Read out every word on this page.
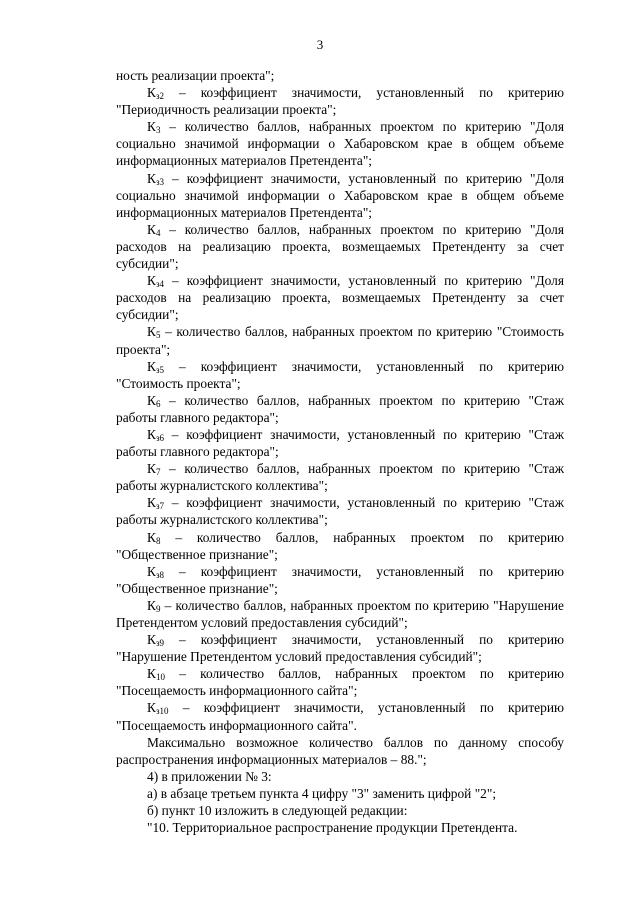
3

ность реализации проекта";

$К_{з2}$ – коэффициент значимости, установленный по критерию "Периодичность реализации проекта";

$К_3$ – количество баллов, набранных проектом по критерию "Доля социально значимой информации о Хабаровском крае в общем объеме информационных материалов Претендента";

$К_{з3}$ – коэффициент значимости, установленный по критерию "Доля социально значимой информации о Хабаровском крае в общем объеме информационных материалов Претендента";

$К_4$ – количество баллов, набранных проектом по критерию "Доля расходов на реализацию проекта, возмещаемых Претенденту за счет субсидии";

$К_{з4}$ – коэффициент значимости, установленный по критерию "Доля расходов на реализацию проекта, возмещаемых Претенденту за счет субсидии";

$К_5$ – количество баллов, набранных проектом по критерию "Стоимость проекта";

$К_{з5}$ – коэффициент значимости, установленный по критерию "Стоимость проекта";

$К_6$ – количество баллов, набранных проектом по критерию "Стаж работы главного редактора";

$К_{з6}$ – коэффициент значимости, установленный по критерию "Стаж работы главного редактора";

$К_7$ – количество баллов, набранных проектом по критерию "Стаж работы журналистского коллектива";

$К_{з7}$ – коэффициент значимости, установленный по критерию "Стаж работы журналистского коллектива";

$К_8$ – количество баллов, набранных проектом по критерию "Общественное признание";

$К_{з8}$ – коэффициент значимости, установленный по критерию "Общественное признание";

$К_9$ – количество баллов, набранных проектом по критерию "Нарушение Претендентом условий предоставления субсидий";

$К_{з9}$ – коэффициент значимости, установленный по критерию "Нарушение Претендентом условий предоставления субсидий";

$К_{10}$ – количество баллов, набранных проектом по критерию "Посещаемость информационного сайта";

$К_{з10}$ – коэффициент значимости, установленный по критерию "Посещаемость информационного сайта".

Максимально возможное количество баллов по данному способу распространения информационных материалов – 88.";

4) в приложении № 3:

а) в абзаце третьем пункта 4 цифру "3" заменить цифрой "2";

б) пункт 10 изложить в следующей редакции:

"10. Территориальное распространение продукции Претендента.
